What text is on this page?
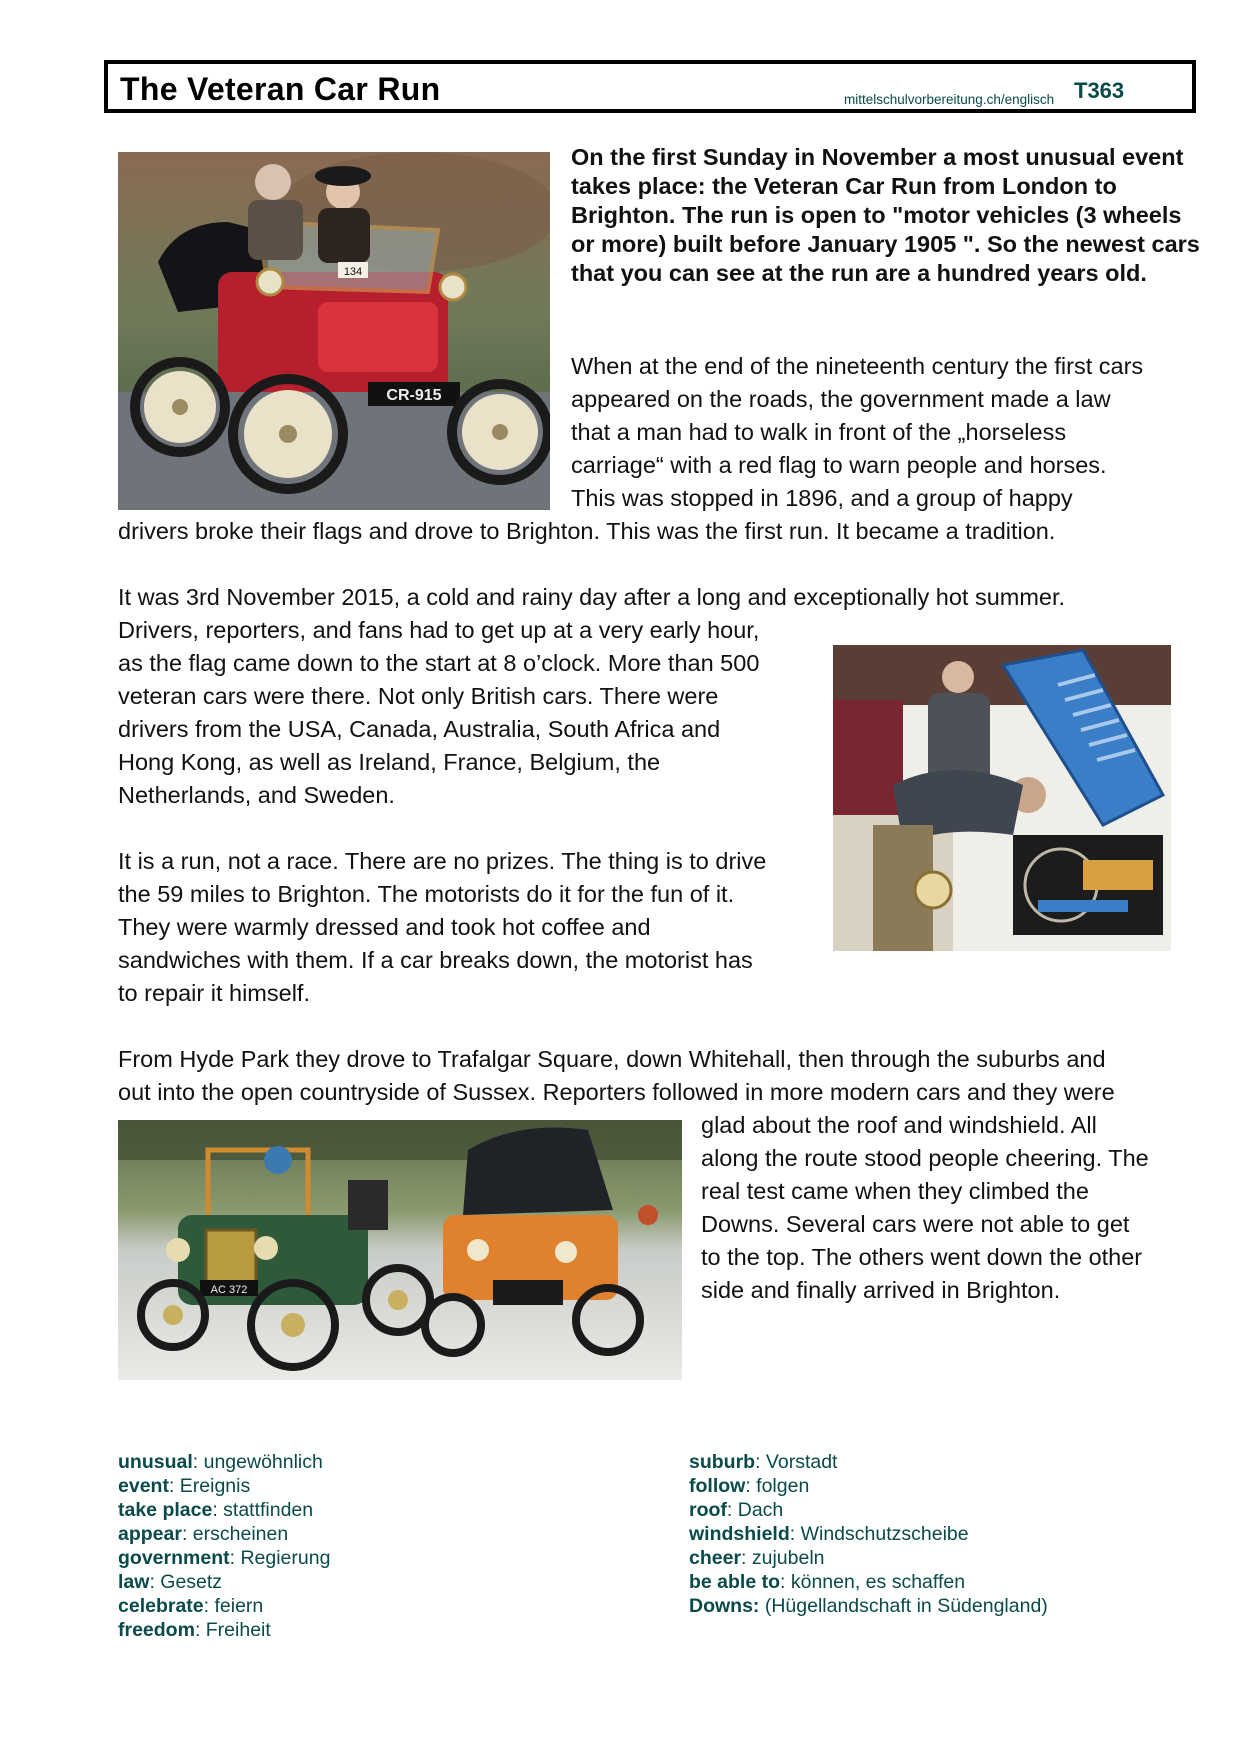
The Veteran Car Run	mittelschulvorbereitung.ch/englisch T363
CR-915
134

On the first Sunday in November a most unusual event takes place: the Veteran Car Run from London to Brighton. The run is open to "motor vehicles (3 wheels or more) built before January 1905 ". So the newest cars that you can see at the run are a hundred years old.

When at the end of the nineteenth century the first cars

appeared on the roads, the government made a law

that a man had to walk in front of the „horseless

carriage“ with a red flag to warn people and horses.

This was stopped in 1896, and a group of happy

drivers broke their flags and drove to Brighton. This was the first run. It became a tradition.

It was 3rd November 2015, a cold and rainy day after a long and exceptionally hot summer.

Drivers, reporters, and fans had to get up at a very early hour,

as the flag came down to the start at 8 o’clock. More than 500

veteran cars were there. Not only British cars. There were

drivers from the USA, Canada, Australia, South Africa and

Hong Kong, as well as Ireland, France, Belgium, the

Netherlands, and Sweden.

It is a run, not a race. There are no prizes. The thing is to drive

the 59 miles to Brighton. The motorists do it for the fun of it.

They were warmly dressed and took hot coffee and

sandwiches with them. If a car breaks down, the motorist has

to repair it himself.

From Hyde Park they drove to Trafalgar Square, down Whitehall, then through the suburbs and

out into the open countryside of Sussex. Reporters followed in more modern cars and they were

glad about the roof and windshield. All

along the route stood people cheering. The

real test came when they climbed the

Downs. Several cars were not able to get

to the top. The others went down the other

side and finally arrived in Brighton.

AC 372
unusual: ungewöhnlich
event: Ereignis
take place: stattfinden
appear: erscheinen
government: Regierung
law: Gesetz
celebrate: feiern
freedom: Freiheit
suburb: Vorstadt
follow: folgen
roof: Dach
windshield: Windschutzscheibe
cheer: zujubeln
be able to: können, es schaffen
Downs: (Hügellandschaft in Südengland)
